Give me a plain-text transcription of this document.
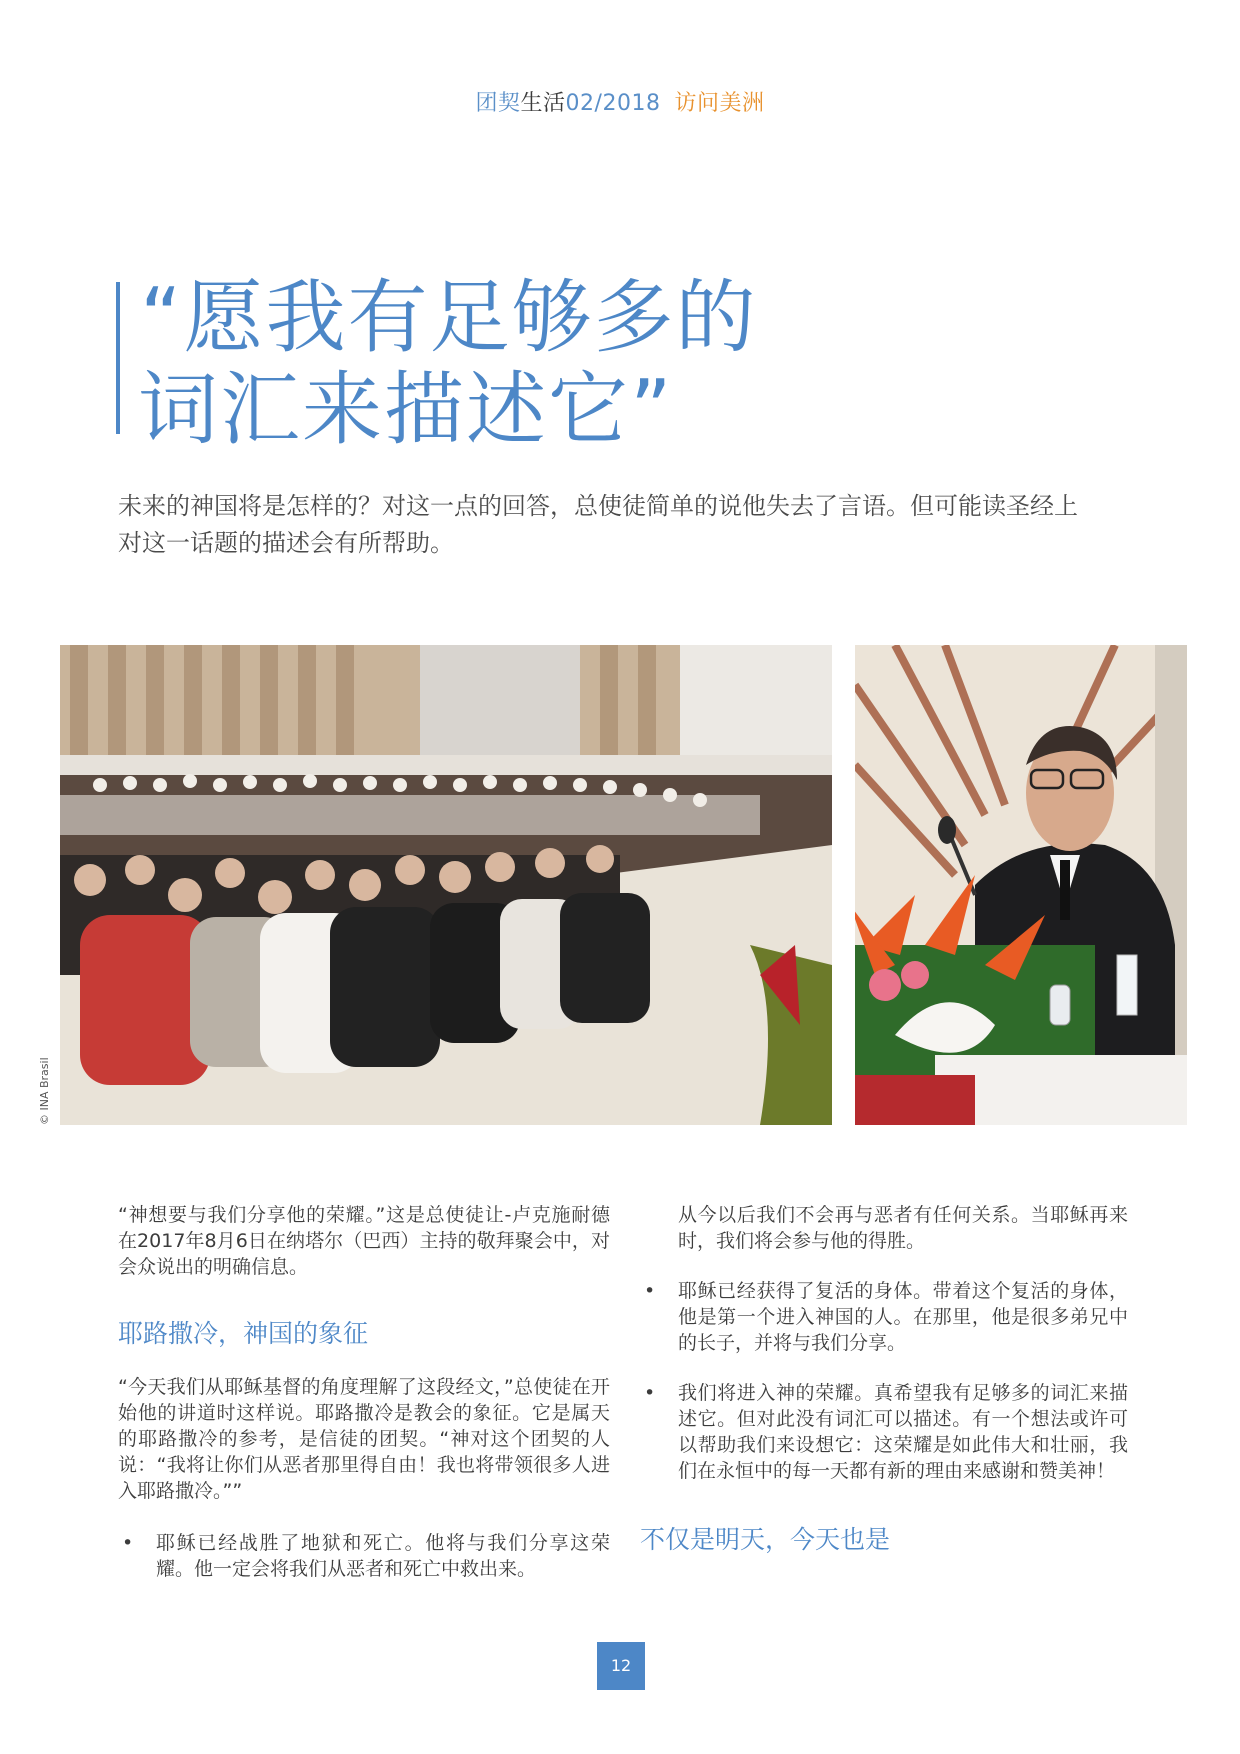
团契生活02/2018 访问美洲
“愿我有足够多的
词汇来描述它”
未来的神国将是怎样的？对这一点的回答，总使徒简单的说他失去了言语。但可能读圣经上对这一话题的描述会有所帮助。
© INA Brasil

“神想要与我们分享他的荣耀。”这是总使徒让-卢克施耐德在2017年8月6日在纳塔尔（巴西）主持的敬拜聚会中，对会众说出的明确信息。

耶路撒冷，神国的象征

“今天我们从耶稣基督的角度理解了这段经文，”总使徒在开始他的讲道时这样说。耶路撒冷是教会的象征。它是属天的耶路撒冷的参考，是信徒的团契。“神对这个团契的人说：“我将让你们从恶者那里得自由！我也将带领很多人进入耶路撒冷。””

• 耶稣已经战胜了地狱和死亡。他将与我们分享这荣耀。他一定会将我们从恶者和死亡中救出来。

从今以后我们不会再与恶者有任何关系。当耶稣再来时，我们将会参与他的得胜。

• 耶稣已经获得了复活的身体。带着这个复活的身体，他是第一个进入神国的人。在那里，他是很多弟兄中的长子，并将与我们分享。

• 我们将进入神的荣耀。真希望我有足够多的词汇来描述它。但对此没有词汇可以描述。有一个想法或许可以帮助我们来设想它：这荣耀是如此伟大和壮丽，我们在永恒中的每一天都有新的理由来感谢和赞美神！

不仅是明天，今天也是
12
